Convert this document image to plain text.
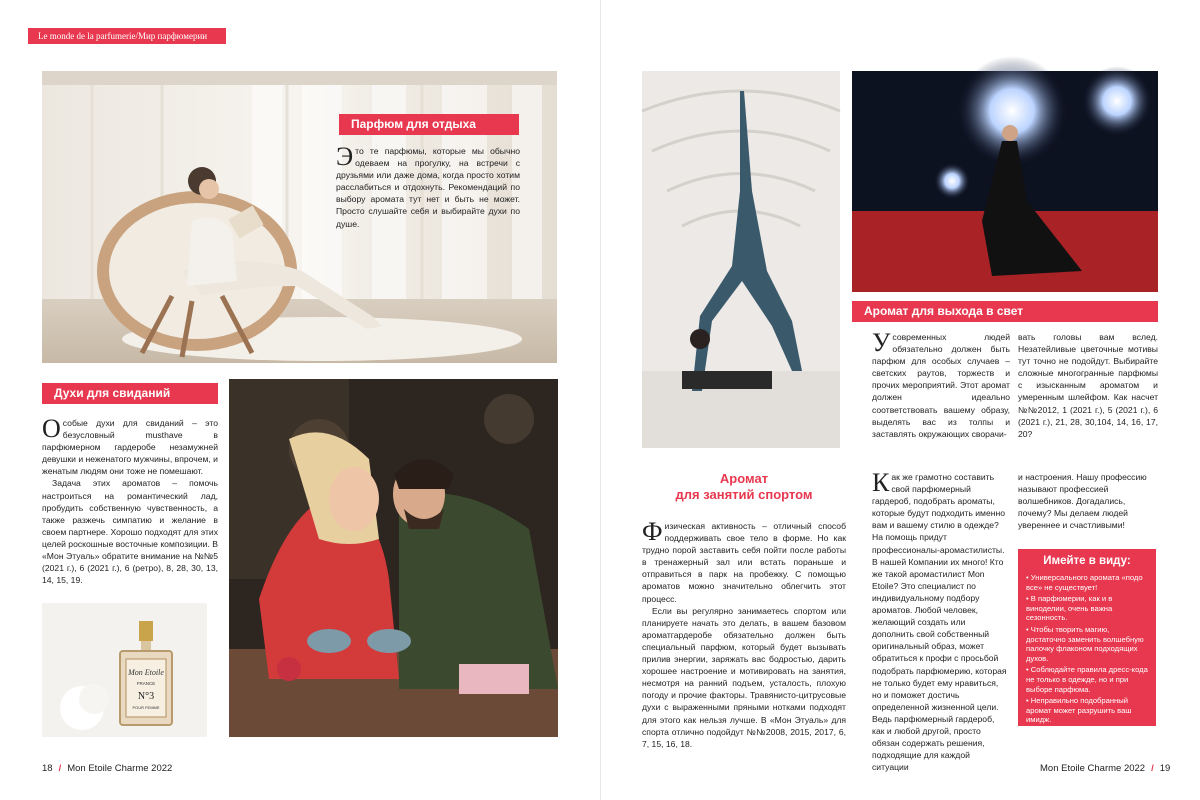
Le monde de la parfumerie/Мир парфюмерии
Парфюм для отдыха

Это те парфюмы, которые мы обычно одеваем на прогулку, на встречи с друзьями или даже дома, когда просто хотим расслабиться и отдохнуть. Рекомендаций по выбору аромата тут нет и быть не может. Просто слушайте себя и выбирайте духи по душе.

Духи для свиданий

Особые духи для свиданий – это безусловный musthave в парфюмерном гардеробе незамужней девушки и неженатого мужчины, впрочем, и женатым людям они тоже не помешают.

Задача этих ароматов – помочь настроиться на романтический лад, пробудить собственную чувственность, а также разжечь симпатию и желание в своем партнере. Хорошо подходят для этих целей роскошные восточные композиции. В «Мон Этуаль» обратите внимание на №№5 (2021 г.), 6 (2021 г.), 6 (ретро), 8, 28, 30, 13, 14, 15, 19.

Mon Etoile
FRANCE
N°3
POUR FEMME
Аромат для выхода в свет

Усовременных людей обязательно должен быть парфюм для особых случаев – светских раутов, торжеств и прочих мероприятий. Этот аромат должен идеально соответствовать вашему образу, выделять вас из толпы и заставлять окружающих сворачи-

вать головы вам вслед. Незатейливые цветочные мотивы тут точно не подойдут. Выбирайте сложные многогранные парфюмы с изысканным ароматом и умеренным шлейфом. Как насчет №№2012, 1 (2021 г.), 5 (2021 г.), 6 (2021 г.), 21, 28, 30,104, 14, 16, 17, 20?

Аромат
для занятий спортом

Физическая активность – отличный способ поддерживать свое тело в форме. Но как трудно порой заставить себя пойти после работы в тренажерный зал или встать пораньше и отправиться в парк на пробежку. С помощью ароматов можно значительно облегчить этот процесс.

Если вы регулярно занимаетесь спортом или планируете начать это делать, в вашем базовом ароматгардеробе обязательно должен быть специальный парфюм, который будет вызывать прилив энергии, заряжать вас бодростью, дарить хорошее настроение и мотивировать на занятия, несмотря на ранний подъем, усталость, плохую погоду и прочие факторы. Травянисто-цитрусовые духи с выраженными пряными нотками подходят для этого как нельзя лучше. В «Мон Этуаль» для спорта отлично подойдут №№2008, 2015, 2017, 6, 7, 15, 16, 18.

Как же грамотно составить свой парфюмерный гардероб, подобрать ароматы, которые будут подходить именно вам и вашему стилю в одежде? На помощь придут профессионалы-аромастилисты. В нашей Компании их много! Кто же такой аромастилист Mon Etoile? Это специалист по индивидуальному подбору ароматов. Любой человек, желающий создать или дополнить свой собственный оригинальный образ, может обратиться к профи с просьбой подобрать парфюмерию, которая не только будет ему нравиться, но и поможет достичь определенной жизненной цели. Ведь парфюмерный гардероб, как и любой другой, просто обязан содержать решения, подходящие для каждой ситуации

и настроения. Нашу профессию называют профессией волшебников. Догадались, почему? Мы делаем людей увереннее и счастливыми!

Имейте в виду:
• Универсального аромата «подо все» не существует!
• В парфюмерии, как и в виноделии, очень важна сезонность.
• Чтобы творить магию, достаточно заменить волшебную палочку флаконом подходящих духов.
• Соблюдайте правила дресс-кода не только в одежде, но и при выборе парфюма.
• Неправильно подобранный аромат может разрушить ваш имидж.
18 / Mon Etoile Charme 2022	Mon Etoile Charme 2022 / 19
